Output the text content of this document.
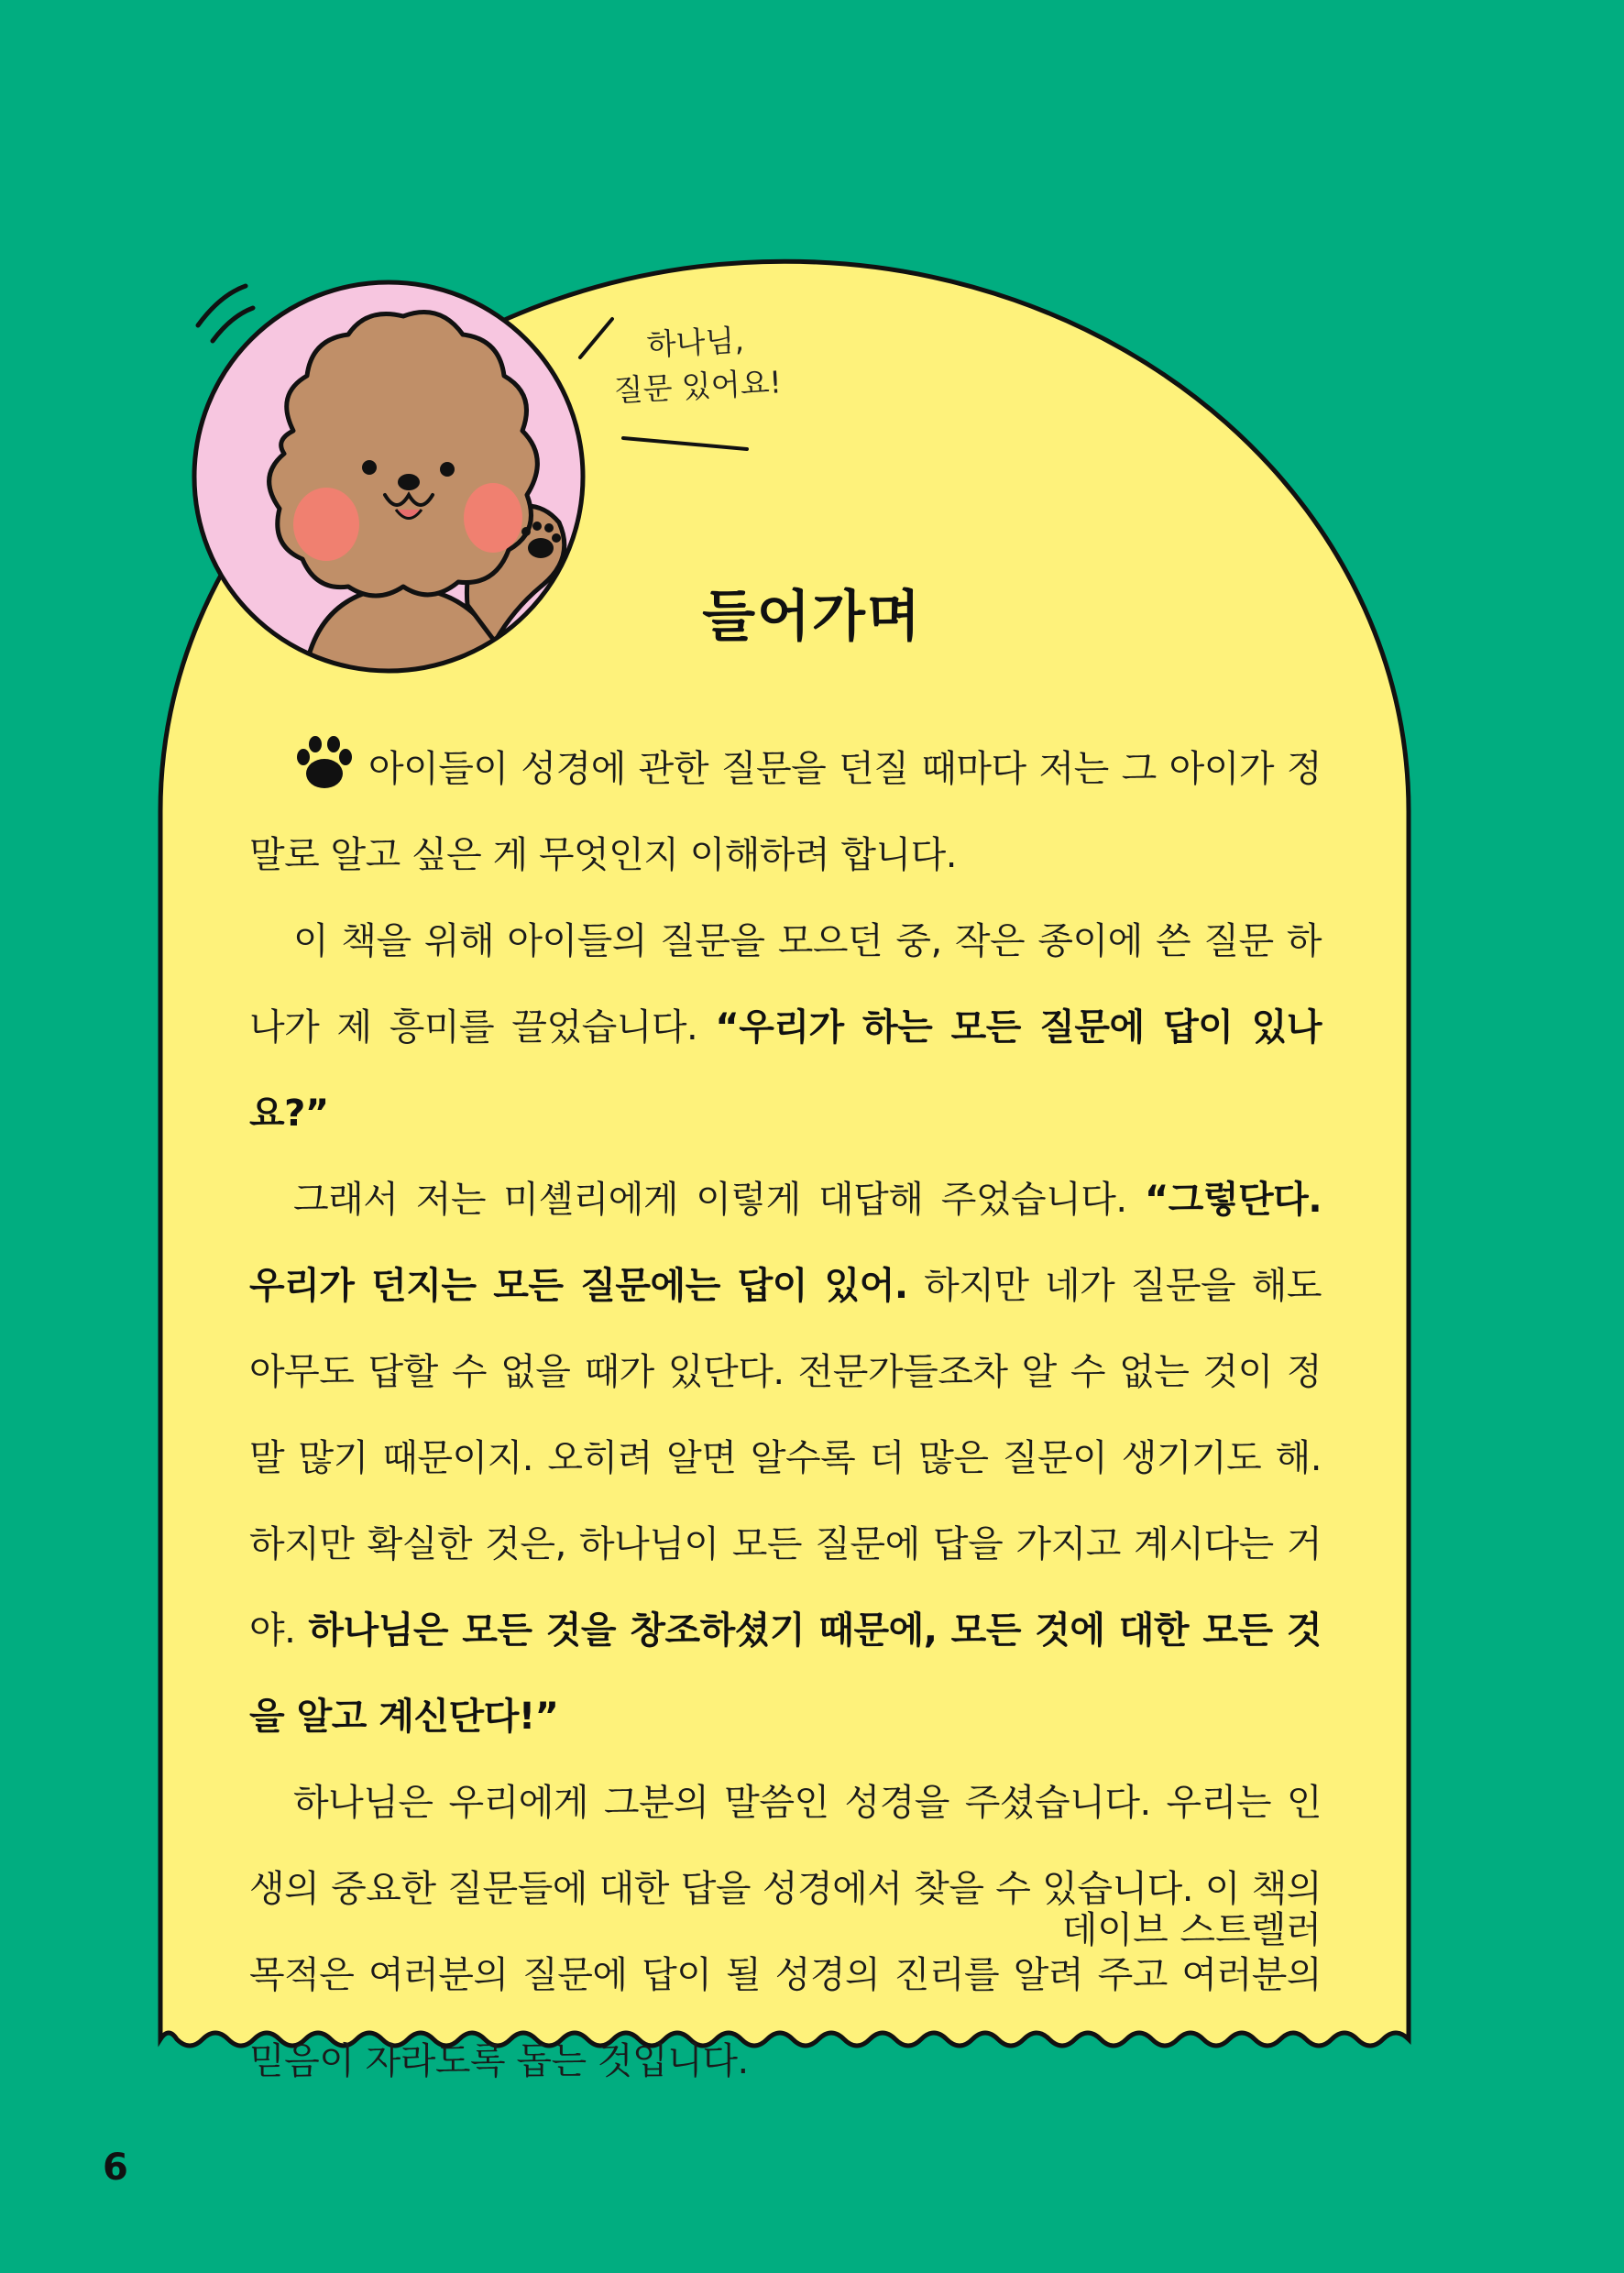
하나님,
질문 있어요!
들어가며

아이들이 성경에 관한 질문을 던질 때마다 저는 그 아이가 정말로 알고 싶은 게 무엇인지 이해하려 합니다.

이 책을 위해 아이들의 질문을 모으던 중, 작은 종이에 쓴 질문 하나가 제 흥미를 끌었습니다. “우리가 하는 모든 질문에 답이 있나요?”

그래서 저는 미셸리에게 이렇게 대답해 주었습니다. “그렇단다. 우리가 던지는 모든 질문에는 답이 있어. 하지만 네가 질문을 해도 아무도 답할 수 없을 때가 있단다. 전문가들조차 알 수 없는 것이 정말 많기 때문이지. 오히려 알면 알수록 더 많은 질문이 생기기도 해. 하지만 확실한 것은, 하나님이 모든 질문에 답을 가지고 계시다는 거야. 하나님은 모든 것을 창조하셨기 때문에, 모든 것에 대한 모든 것을 알고 계신단다!”

하나님은 우리에게 그분의 말씀인 성경을 주셨습니다. 우리는 인생의 중요한 질문들에 대한 답을 성경에서 찾을 수 있습니다. 이 책의 목적은 여러분의 질문에 답이 될 성경의 진리를 알려 주고 여러분의 믿음이 자라도록 돕는 것입니다.

데이브 스트렐러
6
